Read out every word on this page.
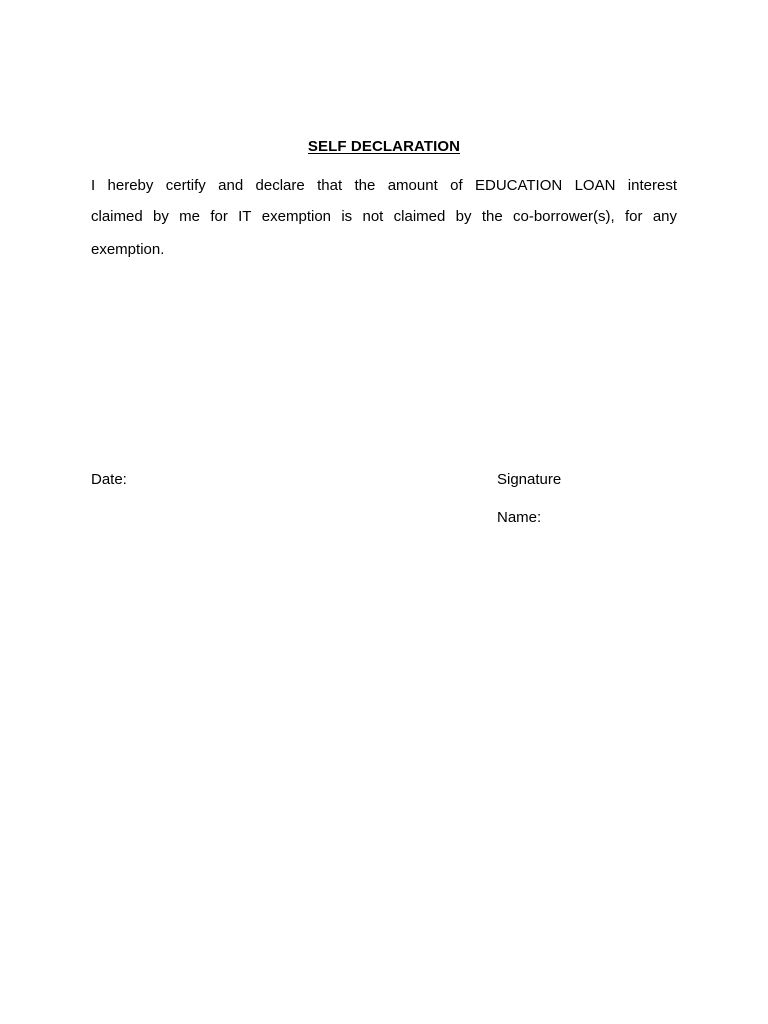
SELF DECLARATION
I hereby certify and declare that the amount of EDUCATION LOAN interest
claimed by me for IT exemption is not claimed by the co-borrower(s), for any
exemption.
Date:	Signature
Name:
